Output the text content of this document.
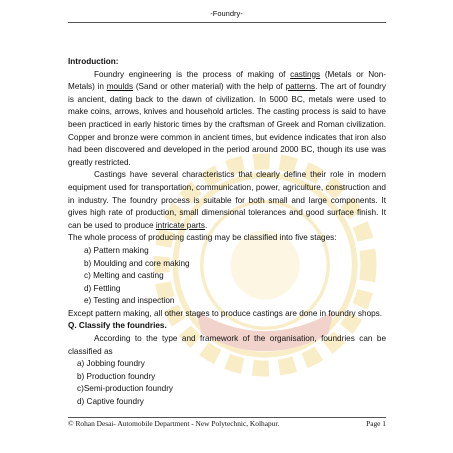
-Foundry-

Introduction:

Foundry engineering is the process of making of castings (Metals or Non-Metals) in moulds (Sand or other material) with the help of patterns. The art of foundry is ancient, dating back to the dawn of civilization. In 5000 BC, metals were used to make coins, arrows, knives and household articles. The casting process is said to have been practiced in early historic times by the craftsman of Greek and Roman civilization. Copper and bronze were common in ancient times, but evidence indicates that iron also had been discovered and developed in the period around 2000 BC, though its use was greatly restricted.

Castings have several characteristics that clearly define their role in modern equipment used for transportation, communication, power, agriculture, construction and in industry. The foundry process is suitable for both small and large components. It gives high rate of production, small dimensional tolerances and good surface finish. It can be used to produce intricate parts.

The whole process of producing casting may be classified into five stages:

a) Pattern making
b) Moulding and core making
c) Melting and casting
d) Fettling
e) Testing and inspection

Except pattern making, all other stages to produce castings are done in foundry shops.

Q. Classify the foundries.

According to the type and framework of the organisation, foundries can be classified as

a) Jobbing foundry
b) Production foundry
c)Semi-production foundry
d) Captive foundry
© Rohan Desai- Automobile Department - New Polytechnic, Kolhapur.	Page 1
